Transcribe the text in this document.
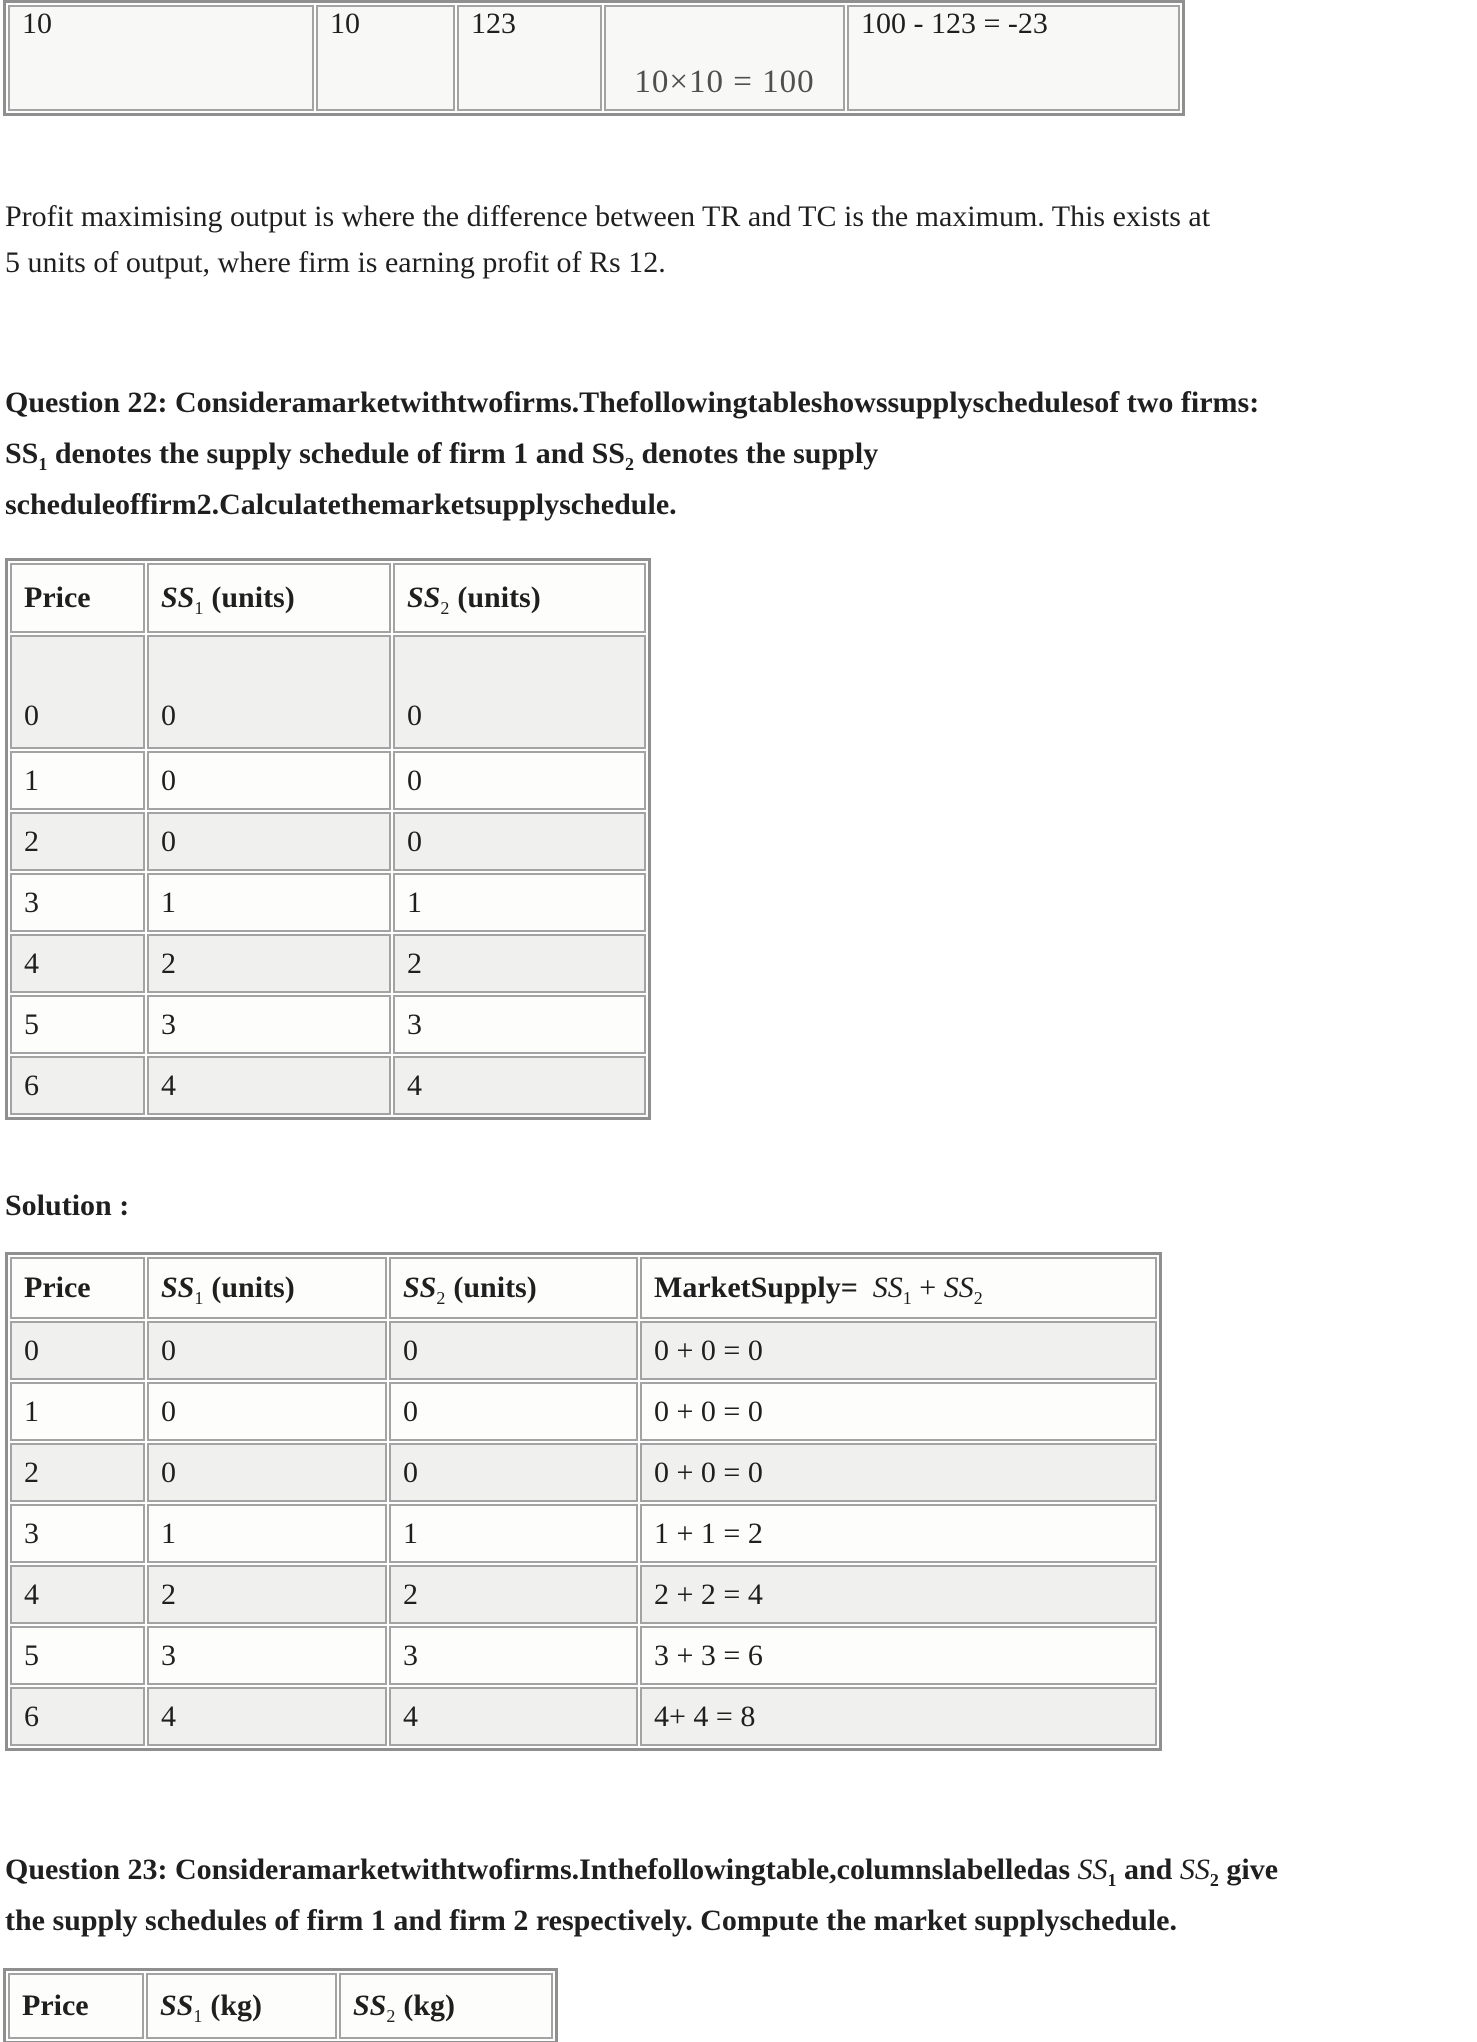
10	10	123	10×10 = 100	100 - 123 = -23
Profit maximising output is where the difference between TR and TC is the maximum. This exists at
5 units of output, where firm is earning profit of Rs 12.
Question 22: Consideramarketwithtwofirms.Thefollowingtableshowssupplyschedulesof two firms:
$SS_1$ denotes the supply schedule of firm 1 and $SS_2$ denotes the supply
scheduleoffirm2.Calculatethemarketsupplyschedule.
Price	$SS_1$ (units)	$SS_2$ (units)
0	0	0
1	0	0
2	0	0
3	1	1
4	2	2
5	3	3
6	4	4
Solution :
Price	$SS_1$ (units)	$SS_2$ (units)	MarketSupply= $SS_1 + SS_2$
0	0	0	0 + 0 = 0
1	0	0	0 + 0 = 0
2	0	0	0 + 0 = 0
3	1	1	1 + 1 = 2
4	2	2	2 + 2 = 4
5	3	3	3 + 3 = 6
6	4	4	4+ 4 = 8
Question 23: Consideramarketwithtwofirms.Inthefollowingtable,columnslabelledas $SS_1$ and $SS_2$ give
the supply schedules of firm 1 and firm 2 respectively. Compute the market supplyschedule.
Price	$SS_1$ (kg)	$SS_2$ (kg)
